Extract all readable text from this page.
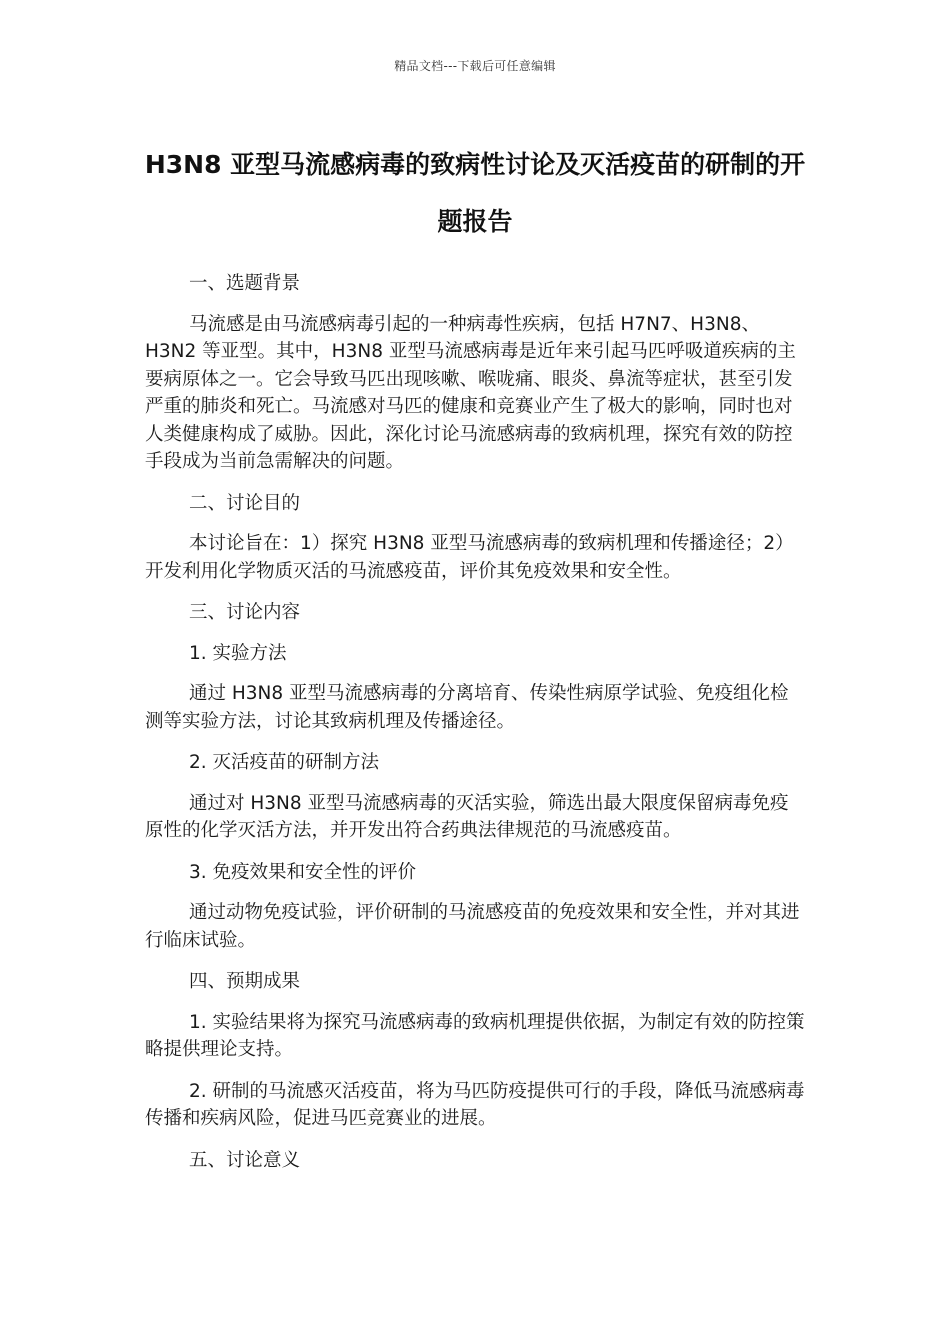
精品文档---下载后可任意编辑
H3N8 亚型马流感病毒的致病性讨论及灭活疫苗的研制的开题报告

一、选题背景

马流感是由马流感病毒引起的一种病毒性疾病，包括 H7N7、H3N8、H3N2 等亚型。其中，H3N8 亚型马流感病毒是近年来引起马匹呼吸道疾病的主要病原体之一。它会导致马匹出现咳嗽、喉咙痛、眼炎、鼻流等症状，甚至引发严重的肺炎和死亡。马流感对马匹的健康和竞赛业产生了极大的影响，同时也对人类健康构成了威胁。因此，深化讨论马流感病毒的致病机理，探究有效的防控手段成为当前急需解决的问题。

二、讨论目的

本讨论旨在：1）探究 H3N8 亚型马流感病毒的致病机理和传播途径；2）开发利用化学物质灭活的马流感疫苗，评价其免疫效果和安全性。

三、讨论内容

1. 实验方法

通过 H3N8 亚型马流感病毒的分离培育、传染性病原学试验、免疫组化检测等实验方法，讨论其致病机理及传播途径。

2. 灭活疫苗的研制方法

通过对 H3N8 亚型马流感病毒的灭活实验，筛选出最大限度保留病毒免疫原性的化学灭活方法，并开发出符合药典法律规范的马流感疫苗。

3. 免疫效果和安全性的评价

通过动物免疫试验，评价研制的马流感疫苗的免疫效果和安全性，并对其进行临床试验。

四、预期成果

1. 实验结果将为探究马流感病毒的致病机理提供依据，为制定有效的防控策略提供理论支持。

2. 研制的马流感灭活疫苗，将为马匹防疫提供可行的手段，降低马流感病毒传播和疾病风险，促进马匹竞赛业的进展。

五、讨论意义
